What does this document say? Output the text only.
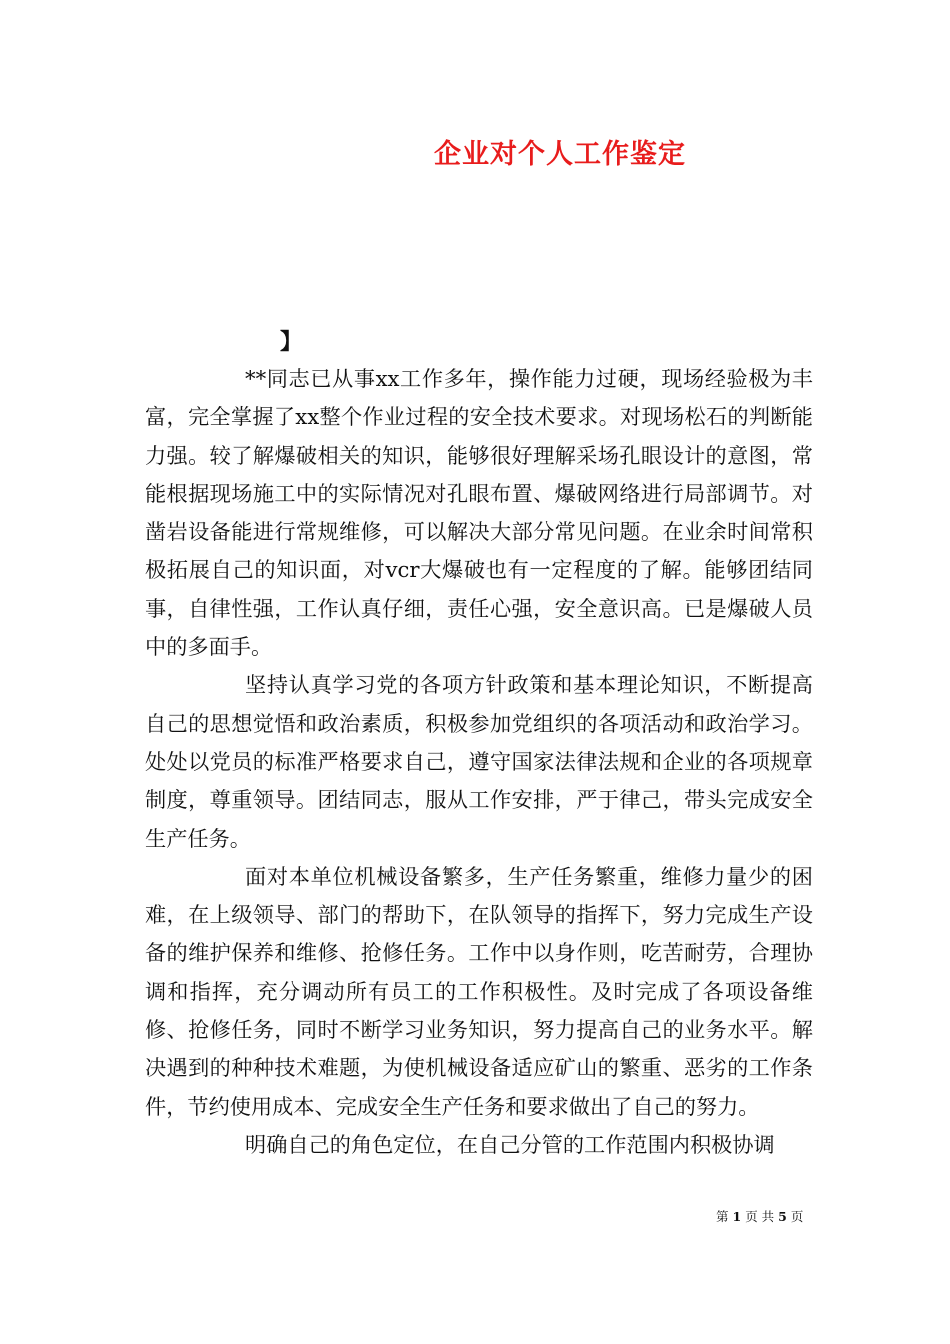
企业对个人工作鉴定
】

**同志已从事xx工作多年，操作能力过硬，现场经验极为丰富，完全掌握了xx整个作业过程的安全技术要求。对现场松石的判断能力强。较了解爆破相关的知识，能够很好理解采场孔眼设计的意图，常能根据现场施工中的实际情况对孔眼布置、爆破网络进行局部调节。对凿岩设备能进行常规维修，可以解决大部分常见问题。在业余时间常积极拓展自己的知识面，对vcr大爆破也有一定程度的了解。能够团结同事，自律性强，工作认真仔细，责任心强，安全意识高。已是爆破人员中的多面手。

坚持认真学习党的各项方针政策和基本理论知识，不断提高自己的思想觉悟和政治素质，积极参加党组织的各项活动和政治学习。处处以党员的标准严格要求自己，遵守国家法律法规和企业的各项规章制度，尊重领导。团结同志，服从工作安排，严于律己，带头完成安全生产任务。

面对本单位机械设备繁多，生产任务繁重，维修力量少的困难，在上级领导、部门的帮助下，在队领导的指挥下，努力完成生产设备的维护保养和维修、抢修任务。工作中以身作则，吃苦耐劳，合理协调和指挥，充分调动所有员工的工作积极性。及时完成了各项设备维修、抢修任务，同时不断学习业务知识，努力提高自己的业务水平。解决遇到的种种技术难题，为使机械设备适应矿山的繁重、恶劣的工作条件，节约使用成本、完成安全生产任务和要求做出了自己的努力。

明确自己的角色定位，在自己分管的工作范围内积极协调

第 1 页 共 5 页
